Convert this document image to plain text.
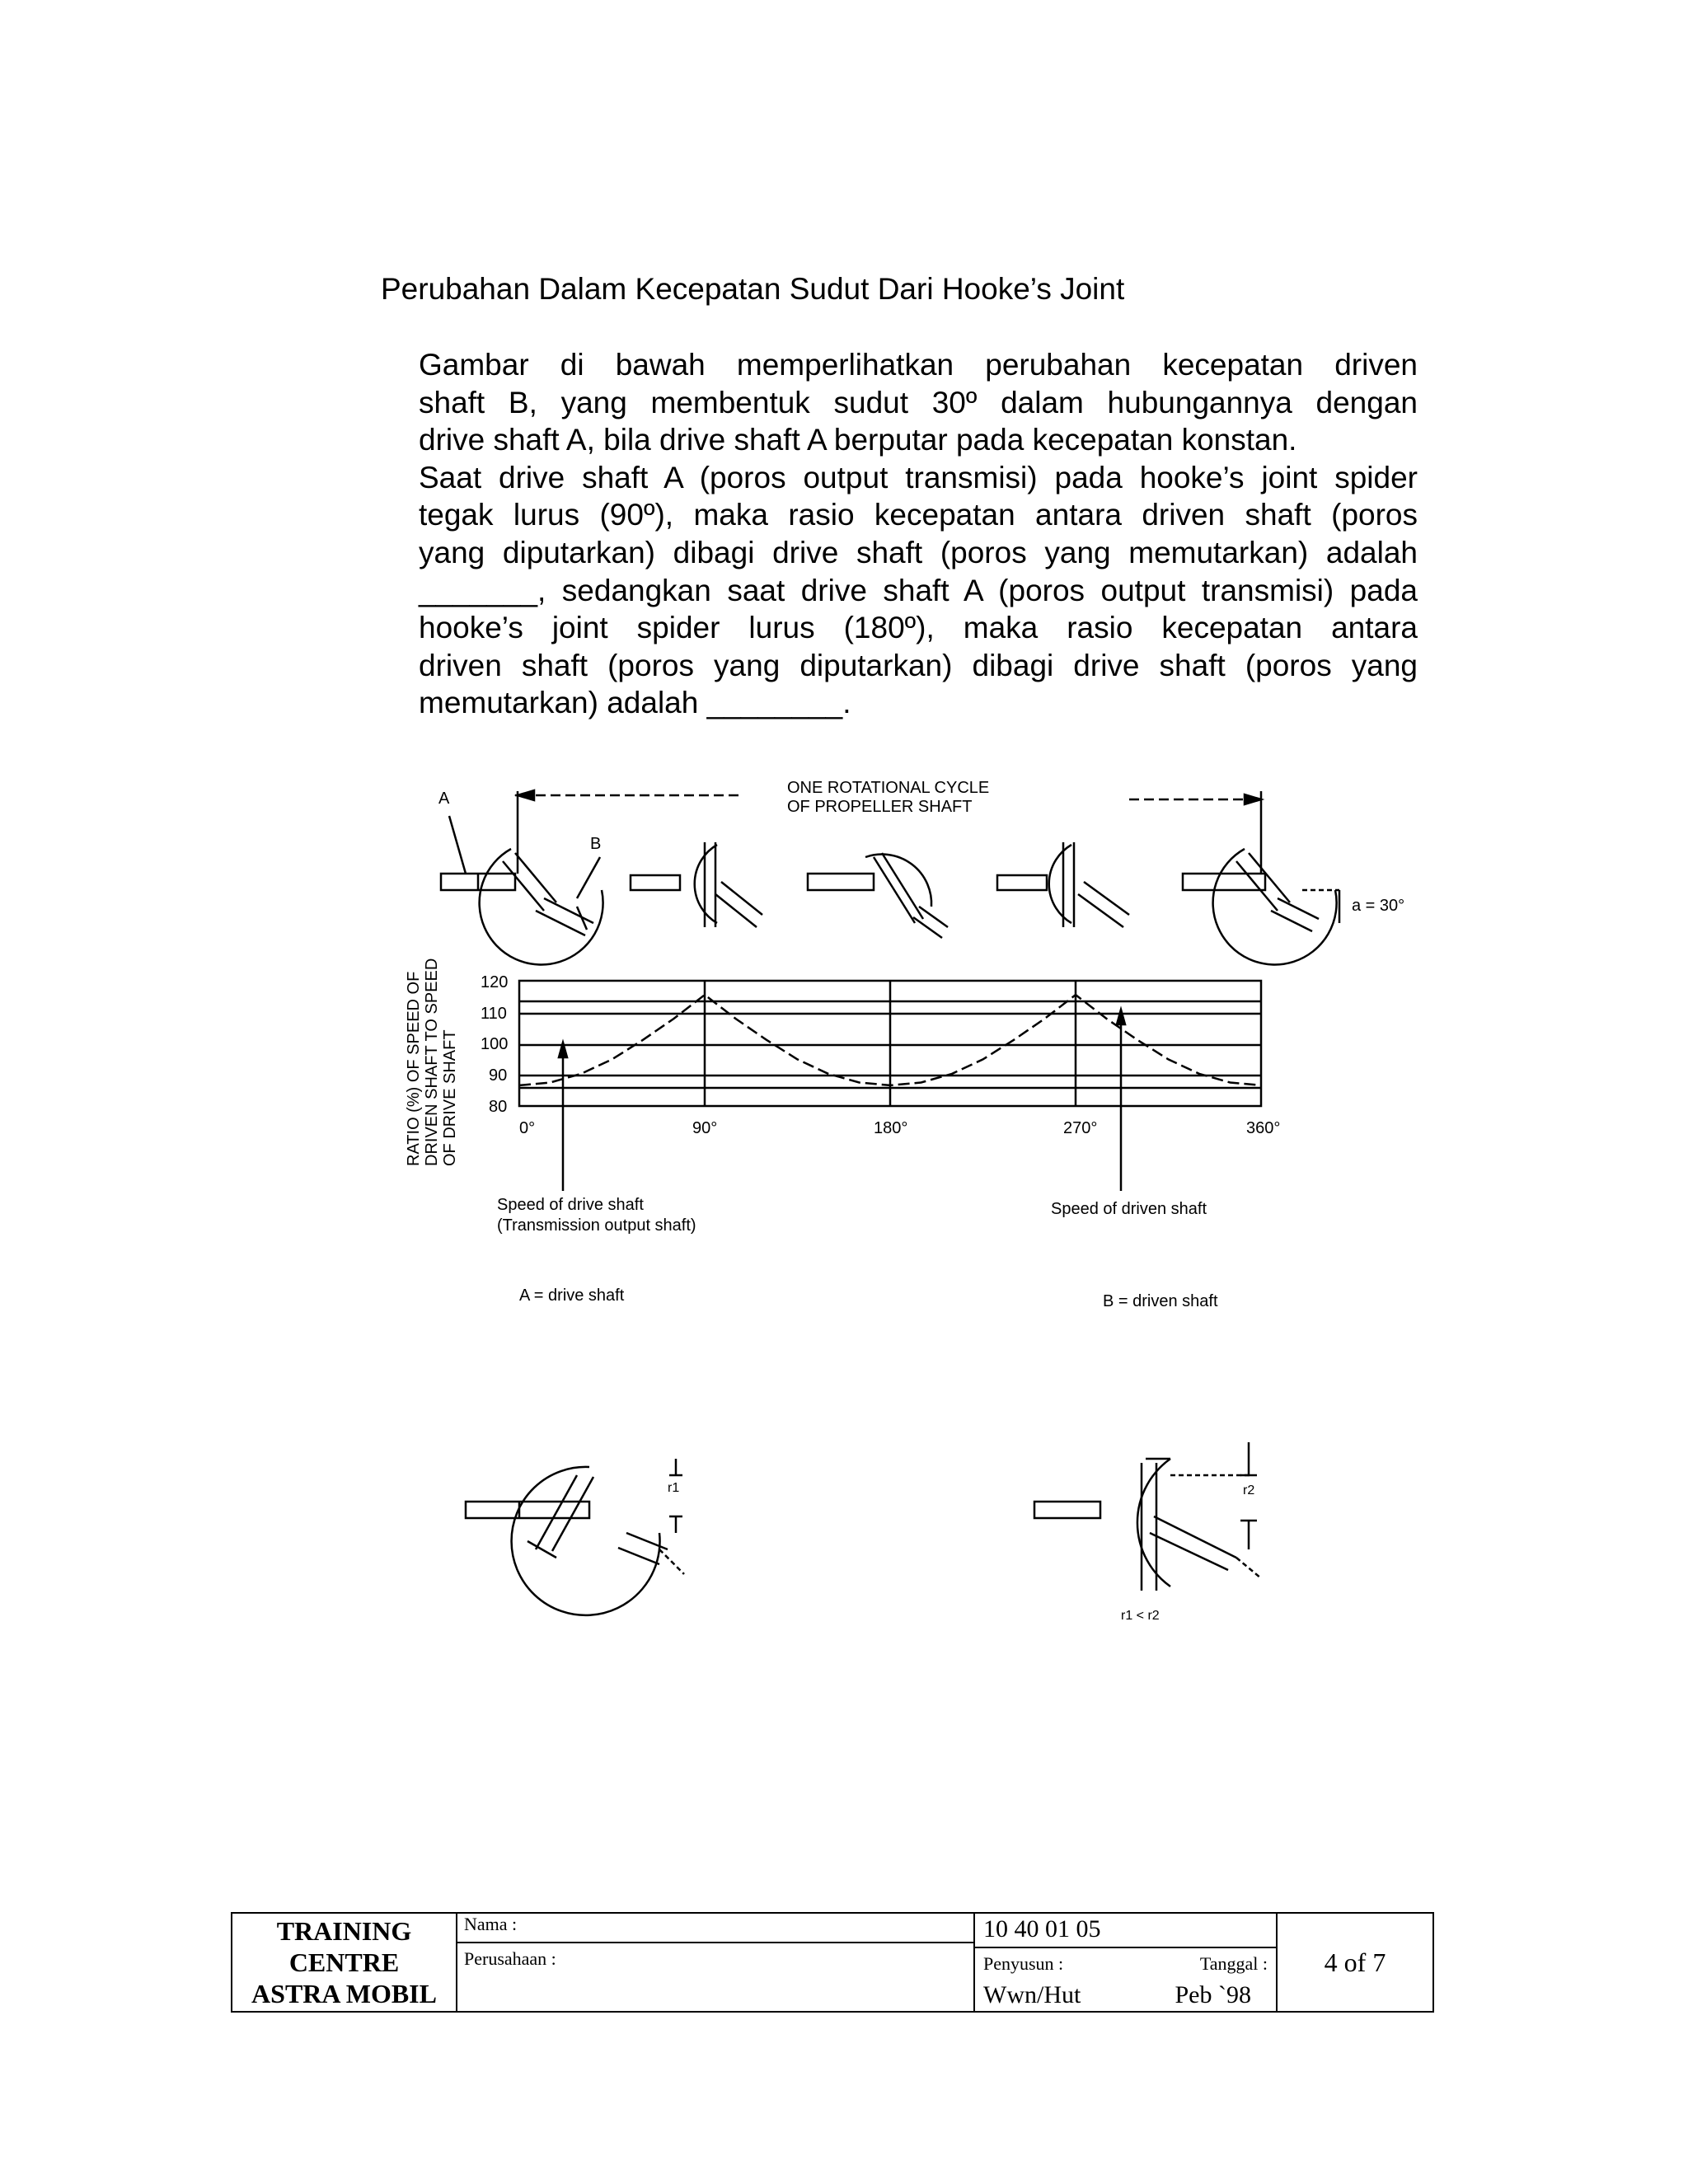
Perubahan Dalam Kecepatan Sudut Dari Hooke’s Joint
Gambar di bawah memperlihatkan perubahan kecepatan driven
shaft B, yang membentuk sudut 30º dalam hubungannya dengan
drive shaft A, bila drive shaft A berputar pada kecepatan konstan.
Saat drive shaft A (poros output transmisi) pada hooke’s joint spider
tegak lurus (90º), maka rasio kecepatan antara driven shaft (poros
yang diputarkan) dibagi drive shaft (poros yang memutarkan) adalah
_______, sedangkan saat drive shaft A (poros output transmisi) pada
hooke’s joint spider lurus (180º), maka rasio kecepatan antara
driven shaft (poros yang diputarkan) dibagi drive shaft (poros yang
memutarkan) adalah ________.
A
B
ONE ROTATIONAL CYCLE
OF PROPELLER SHAFT
a = 30°
120
110
100
90
80
0°	90°	180°	270°	360°
RATIO (%) OF SPEED OF DRIVEN SHAFT TO SPEED OF DRIVE SHAFT
Speed of drive shaft
(Transmission output shaft)
Speed of driven shaft
A = drive shaft	B = driven shaft
r1	r2
r1 < r2
TRAINING
CENTRE
ASTRA MOBIL
	Nama :	10 40 01 05
Penyusun :	Tanggal :
Wwn/Hut	Peb `98
	4 of 7
Perusahaan :
